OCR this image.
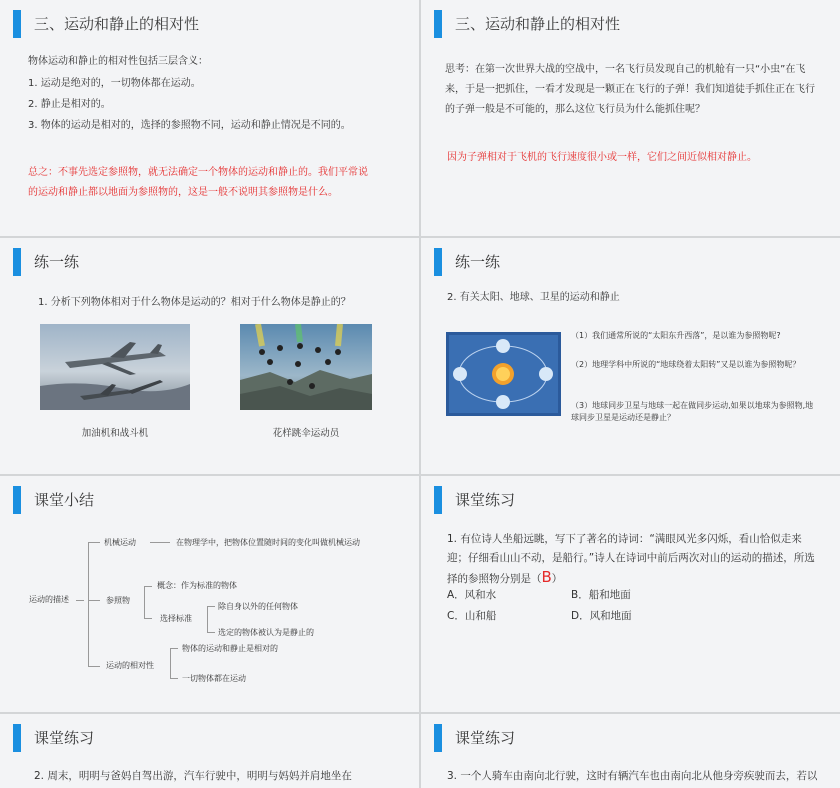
三、运动和静止的相对性
物体运动和静止的相对性包括三层含义：
1. 运动是绝对的，一切物体都在运动。
2. 静止是相对的。
3. 物体的运动是相对的，选择的参照物不同，运动和静止情况是不同的。
总之：不事先选定参照物，就无法确定一个物体的运动和静止的。我们平常说的运动和静止都以地面为参照物的，这是一般不说明其参照物是什么。
三、运动和静止的相对性
思考：在第一次世界大战的空战中，一名飞行员发现自己的机舱有一只“小虫”在飞来，于是一把抓住，一看才发现是一颗正在飞行的子弹！我们知道徒手抓住正在飞行的子弹一般是不可能的，那么这位飞行员为什么能抓住呢？
因为子弹相对于飞机的飞行速度很小或一样，它们之间近似相对静止。
练一练
1. 分析下列物体相对于什么物体是运动的？相对于什么物体是静止的？
加油机和战斗机	花样跳伞运动员
练一练
2. 有关太阳、地球、卫星的运动和静止
（1）我们通常所说的“太阳东升西落”，是以谁为参照物呢?
（2）地理学科中所说的“地球绕着太阳转”又是以谁为参照物呢？
（3）地球同步卫星与地球一起在做同步运动,如果以地球为参照物,地球同步卫星是运动还是静止？
课堂小结
运动的描述
机械运动	在物理学中，把物体位置随时间的变化叫做机械运动
参照物
概念：作为标准的物体
选择标准
除自身以外的任何物体
选定的物体被认为是静止的
运动的相对性
物体的运动和静止是相对的
一切物体都在运动
课堂练习
1. 有位诗人坐船远眺，写下了著名的诗词：“满眼风光多闪烁，看山恰似走来迎；仔细看山山不动，是船行。”诗人在诗词中前后两次对山的运动的描述，所选择的参照物分别是（B）
A．风和水	B．船和地面
C．山和船	D．风和地面
课堂练习
2. 周末，明明与爸妈自驾出游，汽车行驶中，明明与妈妈并肩地坐在
课堂练习
3. 一个人骑车由南向北行驶，这时有辆汽车也由南向北从他身旁疾驶而去，若以
